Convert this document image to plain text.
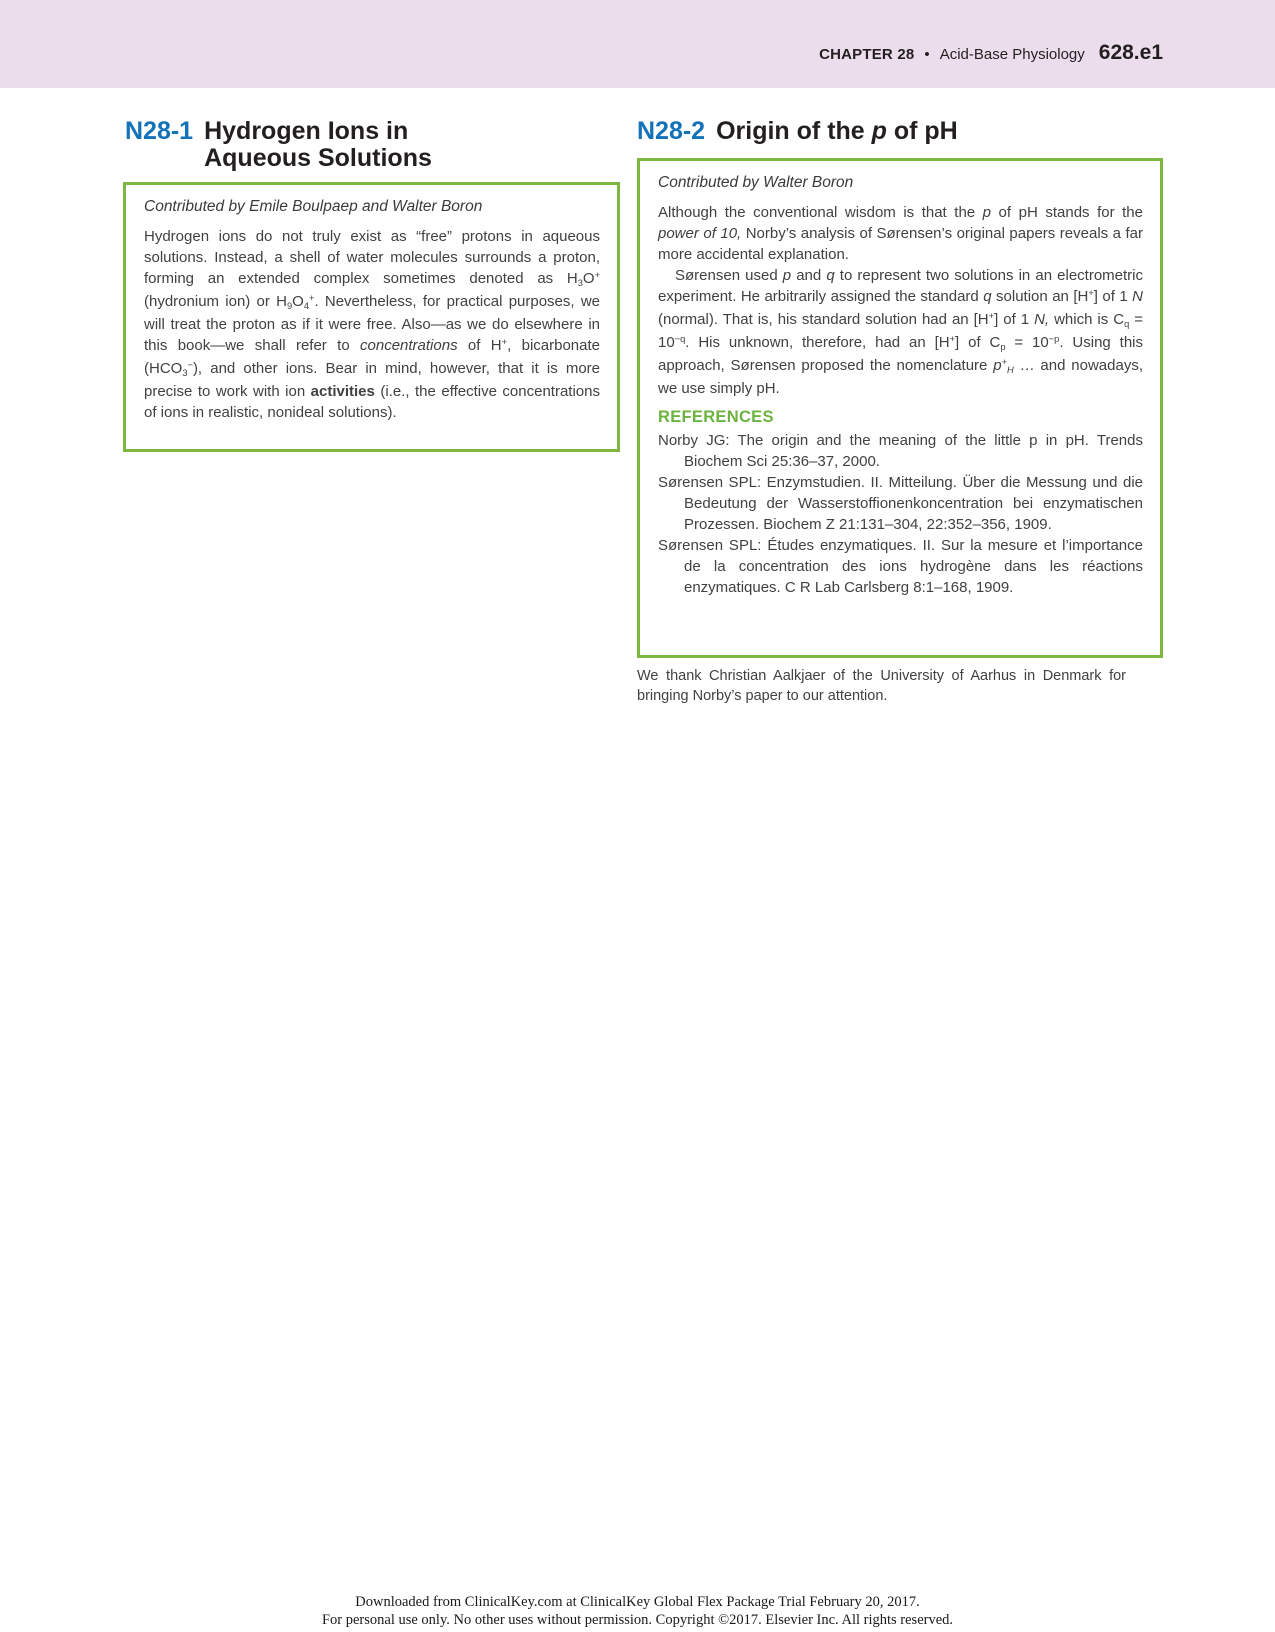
CHAPTER 28 • Acid-Base Physiology 628.e1
N28-1 Hydrogen Ions in
Aqueous Solutions

Contributed by Emile Boulpaep and Walter Boron

Hydrogen ions do not truly exist as “free” protons in aqueous solutions. Instead, a shell of water molecules surrounds a proton, forming an extended complex sometimes denoted as H3O+ (hydronium ion) or H9O4+. Nevertheless, for practical purposes, we will treat the proton as if it were free. Also—as we do elsewhere in this book—we shall refer to concentrations of H+, bicarbonate (HCO3−), and other ions. Bear in mind, however, that it is more precise to work with ion activities (i.e., the effective concentrations of ions in realistic, nonideal solutions).

N28-2 Origin of the p of pH

Contributed by Walter Boron

Although the conventional wisdom is that the p of pH stands for the power of 10, Norby’s analysis of Sørensen’s original papers reveals a far more accidental explanation.

Sørensen used p and q to represent two solutions in an electrometric experiment. He arbitrarily assigned the standard q solution an [H+] of 1 N (normal). That is, his standard solution had an [H+] of 1 N, which is $Cq = 10^{-q}$. His unknown, therefore, had an [H+] of $Cp = 10^{-p}$. Using this approach, Sørensen proposed the nomenclature p+H … and nowadays, we use simply pH.

REFERENCES

Norby JG: The origin and the meaning of the little p in pH. Trends Biochem Sci 25:36–37, 2000.

Sørensen SPL: Enzymstudien. II. Mitteilung. Über die Messung und die Bedeutung der Wasserstoffionenkoncentration bei enzymatischen Prozessen. Biochem Z 21:131–304, 22:352–356, 1909.

Sørensen SPL: Études enzymatiques. II. Sur la mesure et l’importance de la concentration des ions hydrogène dans les réactions enzymatiques. C R Lab Carlsberg 8:1–168, 1909.

We thank Christian Aalkjaer of the University of Aarhus in Denmark for bringing Norby’s paper to our attention.
Downloaded from ClinicalKey.com at ClinicalKey Global Flex Package Trial February 20, 2017.
For personal use only. No other uses without permission. Copyright ©2017. Elsevier Inc. All rights reserved.
